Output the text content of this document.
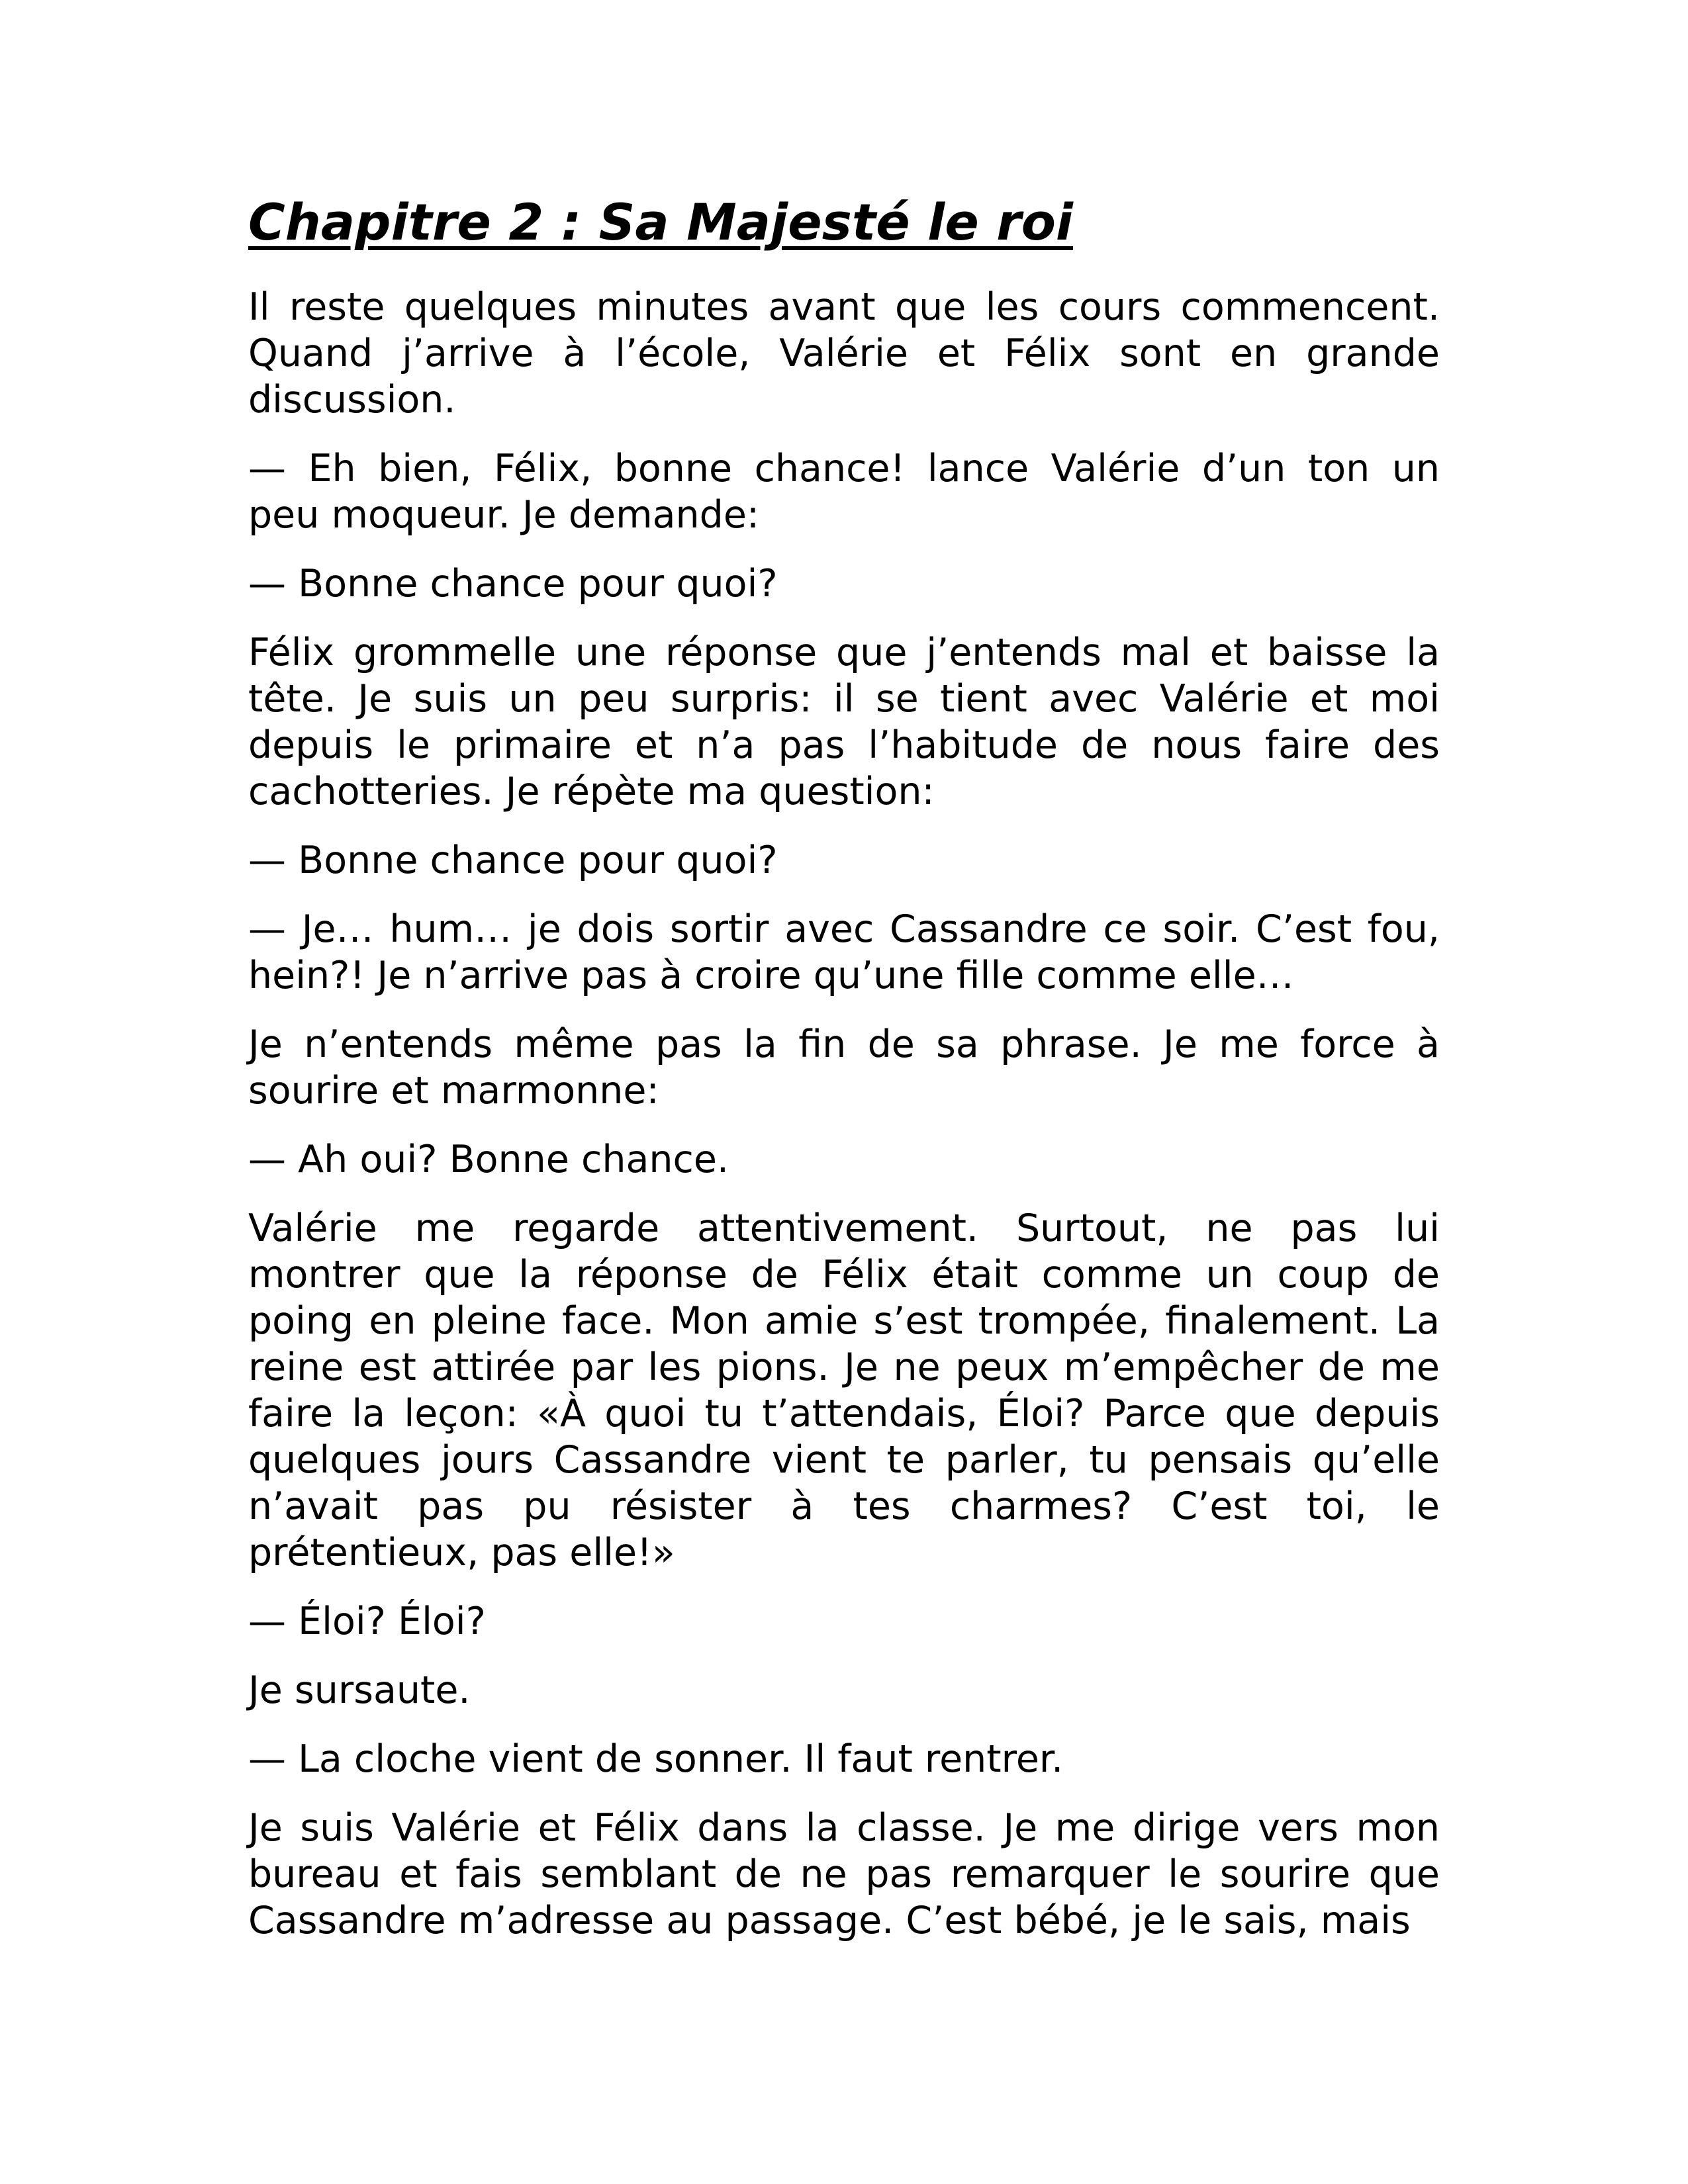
Chapitre 2 : Sa Majesté le roi

Il reste quelques minutes avant que les cours commencent.
Quand j’arrive à l’école, Valérie et Félix sont en grande
discussion.

— Eh bien, Félix, bonne chance! lance Valérie d’un ton un
peu moqueur. Je demande:

— Bonne chance pour quoi?

Félix grommelle une réponse que j’entends mal et baisse la
tête. Je suis un peu surpris: il se tient avec Valérie et moi
depuis le primaire et n’a pas l’habitude de nous faire des
cachotteries. Je répète ma question:

— Bonne chance pour quoi?

— Je… hum… je dois sortir avec Cassandre ce soir. C’est fou,
hein?! Je n’arrive pas à croire qu’une fille comme elle…

Je n’entends même pas la fin de sa phrase. Je me force à
sourire et marmonne:

— Ah oui? Bonne chance.

Valérie me regarde attentivement. Surtout, ne pas lui
montrer que la réponse de Félix était comme un coup de
poing en pleine face. Mon amie s’est trompée, finalement. La
reine est attirée par les pions. Je ne peux m’empêcher de me
faire la leçon: «À quoi tu t’attendais, Éloi? Parce que depuis
quelques jours Cassandre vient te parler, tu pensais qu’elle
n’avait pas pu résister à tes charmes? C’est toi, le
prétentieux, pas elle!»

— Éloi? Éloi?

Je sursaute.

— La cloche vient de sonner. Il faut rentrer.

Je suis Valérie et Félix dans la classe. Je me dirige vers mon
bureau et fais semblant de ne pas remarquer le sourire que
Cassandre m’adresse au passage. C’est bébé, je le sais, mais
